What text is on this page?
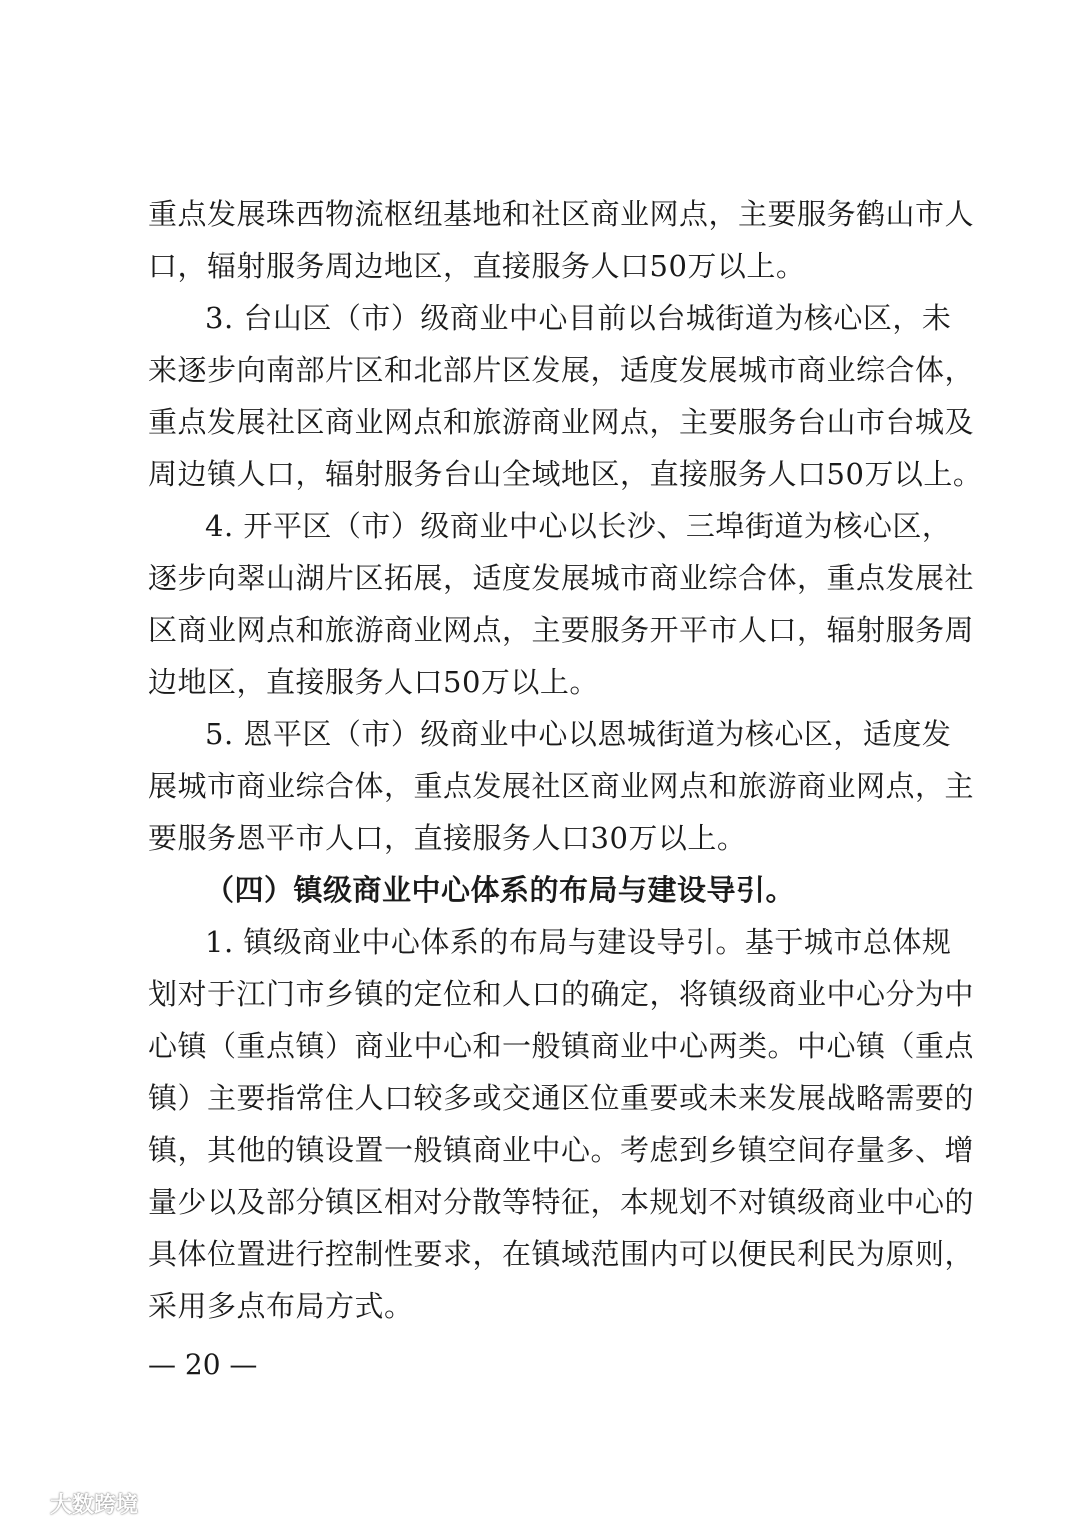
重点发展珠西物流枢纽基地和社区商业网点，主要服务鹤山市人
口，辐射服务周边地区，直接服务人口50万以上。
3. 台山区（市）级商业中心目前以台城街道为核心区，未
来逐步向南部片区和北部片区发展，适度发展城市商业综合体，
重点发展社区商业网点和旅游商业网点，主要服务台山市台城及
周边镇人口，辐射服务台山全域地区，直接服务人口50万以上。
4. 开平区（市）级商业中心以长沙、三埠街道为核心区，
逐步向翠山湖片区拓展，适度发展城市商业综合体，重点发展社
区商业网点和旅游商业网点，主要服务开平市人口，辐射服务周
边地区，直接服务人口50万以上。
5. 恩平区（市）级商业中心以恩城街道为核心区，适度发
展城市商业综合体，重点发展社区商业网点和旅游商业网点，主
要服务恩平市人口，直接服务人口30万以上。
（四）镇级商业中心体系的布局与建设导引。
1. 镇级商业中心体系的布局与建设导引。基于城市总体规
划对于江门市乡镇的定位和人口的确定，将镇级商业中心分为中
心镇（重点镇）商业中心和一般镇商业中心两类。中心镇（重点
镇）主要指常住人口较多或交通区位重要或未来发展战略需要的
镇，其他的镇设置一般镇商业中心。考虑到乡镇空间存量多、增
量少以及部分镇区相对分散等特征，本规划不对镇级商业中心的
具体位置进行控制性要求，在镇域范围内可以便民利民为原则，
采用多点布局方式。
— 20 —
大数跨境
